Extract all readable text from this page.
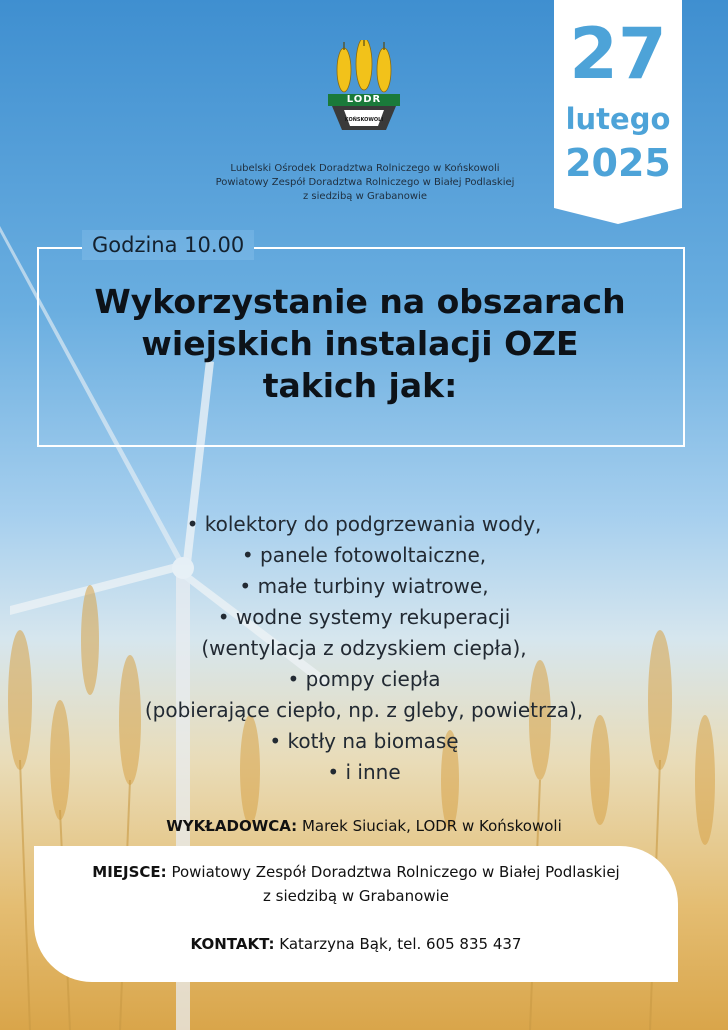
LODR
KOŃSKOWOLI
Lubelski Ośrodek Doradztwa Rolniczego w Końskowoli
Powiatowy Zespół Doradztwa Rolniczego w Białej Podlaskiej
z siedzibą w Grabanowie
27
lutego
2025
Godzina 10.00
Wykorzystanie na obszarach
wiejskich instalacji OZE
takich jak:
• kolektory do podgrzewania wody,
• panele fotowoltaiczne,
• małe turbiny wiatrowe,
• wodne systemy rekuperacji
(wentylacja z odzyskiem ciepła),
• pompy ciepła
(pobierające ciepło, np. z gleby, powietrza),
• kotły na biomasę
• i inne
WYKŁADOWCA: Marek Siuciak, LODR w Końskowoli
MIEJSCE: Powiatowy Zespół Doradztwa Rolniczego w Białej Podlaskiej
z siedzibą w Grabanowie
KONTAKT: Katarzyna Bąk, tel. 605 835 437
